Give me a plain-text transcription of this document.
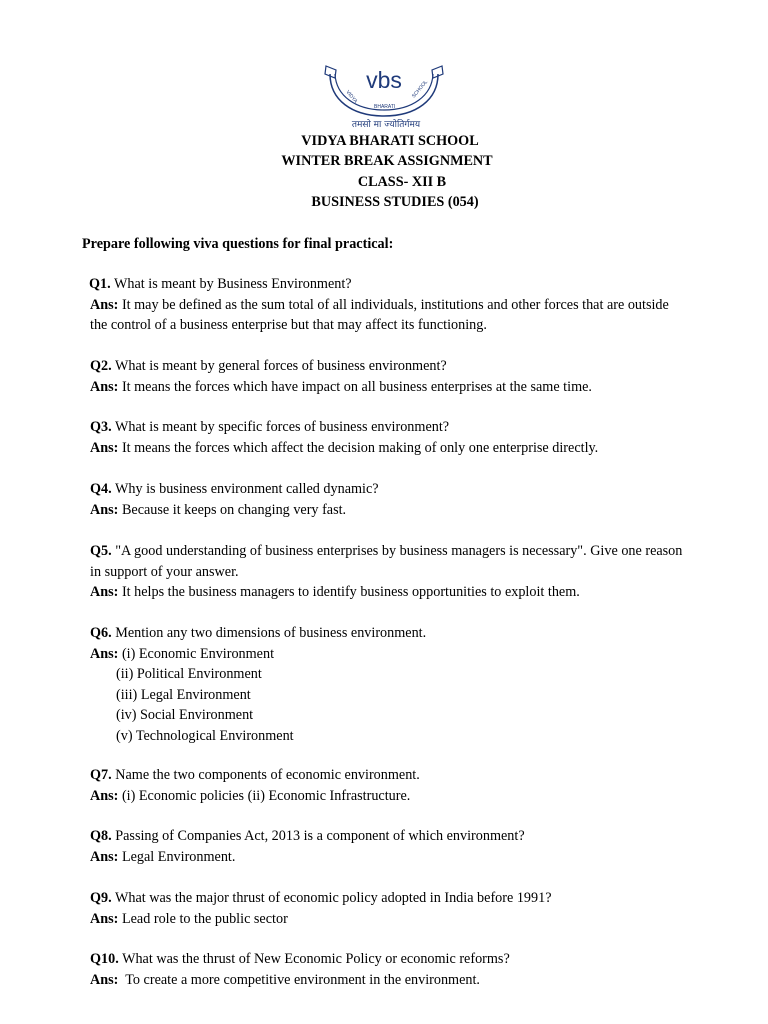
vbs
VIDYA
BHARATI
SCHOOL
तमसो मा ज्योतिर्गमय
VIDYA BHARATI SCHOOL
WINTER BREAK ASSIGNMENT
CLASS- XII B
BUSINESS STUDIES (054)
Prepare following viva questions for final practical:

Q1. What is meant by Business Environment?

Ans: It may be defined as the sum total of all individuals, institutions and other forces that are outside the control of a business enterprise but that may affect its functioning.

Q2. What is meant by general forces of business environment?

Ans: It means the forces which have impact on all business enterprises at the same time.

Q3. What is meant by specific forces of business environment?

Ans: It means the forces which affect the decision making of only one enterprise directly.

Q4. Why is business environment called dynamic?

Ans: Because it keeps on changing very fast.

Q5. "A good understanding of business enterprises by business managers is necessary". Give one reason in support of your answer.

Ans: It helps the business managers to identify business opportunities to exploit them.

Q6. Mention any two dimensions of business environment.

Ans: (i) Economic Environment

(ii) Political Environment

(iii) Legal Environment

(iv) Social Environment

(v) Technological Environment

Q7. Name the two components of economic environment.

Ans: (i) Economic policies (ii) Economic Infrastructure.

Q8. Passing of Companies Act, 2013 is a component of which environment?

Ans: Legal Environment.

Q9. What was the major thrust of economic policy adopted in India before 1991?

Ans: Lead role to the public sector

Q10. What was the thrust of New Economic Policy or economic reforms?

Ans:  To create a more competitive environment in the environment.
